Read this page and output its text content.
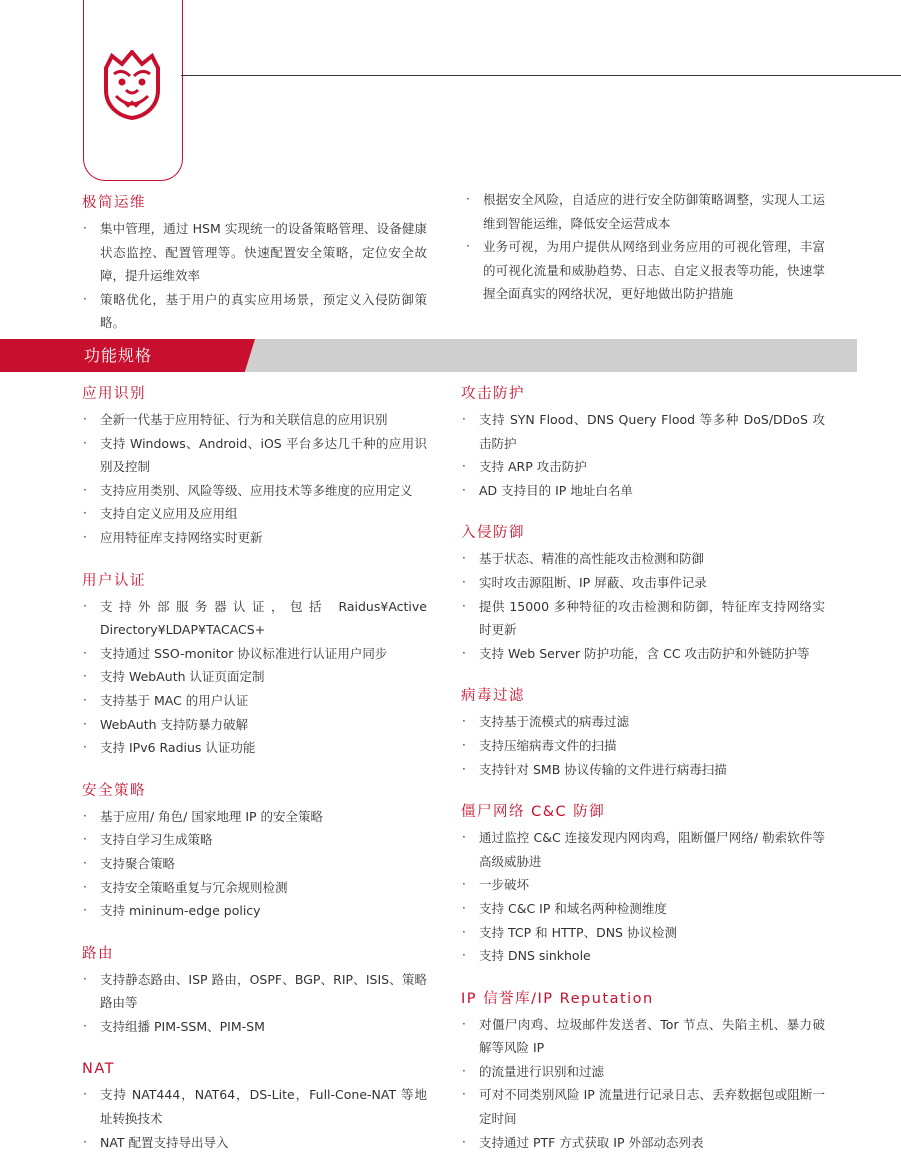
极简运维
· 集中管理，通过 HSM 实现统一的设备策略管理、设备健康状态监控、配置管理等。快速配置安全策略，定位安全故障，提升运维效率
· 策略优化，基于用户的真实应用场景，预定义入侵防御策略。
· 根据安全风险，自适应的进行安全防御策略调整，实现人工运维到智能运维，降低安全运营成本
· 业务可视，为用户提供从网络到业务应用的可视化管理，丰富的可视化流量和威胁趋势、日志、自定义报表等功能，快速掌握全面真实的网络状况，更好地做出防护措施
功能规格
应用识别
· 全新一代基于应用特征、行为和关联信息的应用识别
· 支持 Windows、Android、iOS 平台多达几千种的应用识别及控制
· 支持应用类别、风险等级、应用技术等多维度的应用定义
· 支持自定义应用及应用组
· 应用特征库支持网络实时更新
用户认证
· 支持外部服务器认证，包括 Raidus¥Active Directory¥LDAP¥TACACS+
· 支持通过 SSO-monitor 协议标准进行认证用户同步
· 支持 WebAuth 认证页面定制
· 支持基于 MAC 的用户认证
· WebAuth 支持防暴力破解
· 支持 IPv6 Radius 认证功能
安全策略
· 基于应用/ 角色/ 国家地理 IP 的安全策略
· 支持自学习生成策略
· 支持聚合策略
· 支持安全策略重复与冗余规则检测
· 支持 mininum-edge policy
路由
· 支持静态路由、ISP 路由，OSPF、BGP、RIP、ISIS、策略路由等
· 支持组播 PIM-SSM、PIM-SM
NAT
· 支持 NAT444，NAT64，DS-Lite，Full-Cone-NAT 等地址转换技术
· NAT 配置支持导出导入
攻击防护
· 支持 SYN Flood、DNS Query Flood 等多种 DoS/DDoS 攻击防护
· 支持 ARP 攻击防护
· AD 支持目的 IP 地址白名单
入侵防御
· 基于状态、精准的高性能攻击检测和防御
· 实时攻击源阻断、IP 屏蔽、攻击事件记录
· 提供 15000 多种特征的攻击检测和防御，特征库支持网络实时更新
· 支持 Web Server 防护功能，含 CC 攻击防护和外链防护等
病毒过滤
· 支持基于流模式的病毒过滤
· 支持压缩病毒文件的扫描
· 支持针对 SMB 协议传输的文件进行病毒扫描
僵尸网络 C&C 防御
· 通过监控 C&C 连接发现内网肉鸡，阻断僵尸网络/ 勒索软件等高级威胁进
· 一步破坏
· 支持 C&C IP 和域名两种检测维度
· 支持 TCP 和 HTTP、DNS 协议检测
· 支持 DNS sinkhole
IP 信誉库/IP Reputation
· 对僵尸肉鸡、垃圾邮件发送者、Tor 节点、失陷主机、暴力破解等风险 IP
· 的流量进行识别和过滤
· 可对不同类别风险 IP 流量进行记录日志、丢弃数据包或阻断一定时间
· 支持通过 PTF 方式获取 IP 外部动态列表
